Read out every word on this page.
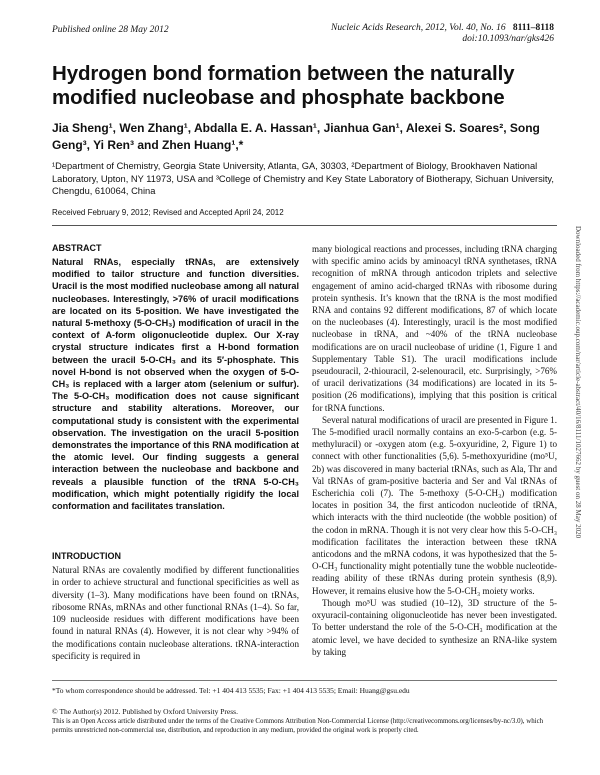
Published online 28 May 2012	Nucleic Acids Research, 2012, Vol. 40, No. 16 8111–8118
doi:10.1093/nar/gks426
Hydrogen bond formation between the naturally modified nucleobase and phosphate backbone
Jia Sheng¹, Wen Zhang¹, Abdalla E. A. Hassan¹, Jianhua Gan¹, Alexei S. Soares², Song Geng³, Yi Ren³ and Zhen Huang¹,*
¹Department of Chemistry, Georgia State University, Atlanta, GA, 30303, ²Department of Biology, Brookhaven National Laboratory, Upton, NY 11973, USA and ³College of Chemistry and Key State Laboratory of Biotherapy, Sichuan University, Chengdu, 610064, China
Received February 9, 2012; Revised and Accepted April 24, 2012
ABSTRACT

Natural RNAs, especially tRNAs, are extensively modified to tailor structure and function diversities. Uracil is the most modified nucleobase among all natural nucleobases. Interestingly, >76% of uracil modifications are located on its 5-position. We have investigated the natural 5-methoxy (5-O-CH₃) modification of uracil in the context of A-form oligonucleotide duplex. Our X-ray crystal structure indicates first a H-bond formation between the uracil 5-O-CH₃ and its 5′-phosphate. This novel H-bond is not observed when the oxygen of 5-O-CH₃ is replaced with a larger atom (selenium or sulfur). The 5-O-CH₃ modification does not cause significant structure and stability alterations. Moreover, our computational study is consistent with the experimental observation. The investigation on the uracil 5-position demonstrates the importance of this RNA modification at the atomic level. Our finding suggests a general interaction between the nucleobase and backbone and reveals a plausible function of the tRNA 5-O-CH₃ modification, which might potentially rigidify the local conformation and facilitates translation.

INTRODUCTION

Natural RNAs are covalently modified by different functionalities in order to achieve structural and functional specificities as well as diversity (1–3). Many modifications have been found on tRNAs, ribosome RNAs, mRNAs and other functional RNAs (1–4). So far, 109 nucleoside residues with different modifications have been found in natural RNAs (4). However, it is not clear why >94% of the modifications contain nucleobase alterations. tRNA-interaction specificity is required in

many biological reactions and processes, including tRNA charging with specific amino acids by aminoacyl tRNA synthetases, tRNA recognition of mRNA through anticodon triplets and selective engagement of amino acid-charged tRNAs with ribosome during protein synthesis. It’s known that the tRNA is the most modified RNA and contains 92 different modifications, 87 of which locate on the nucleobases (4). Interestingly, uracil is the most modified nucleobase in tRNA, and ~40% of the tRNA nucleobase modifications are on uracil nucleobase of uridine (1, Figure 1 and Supplementary Table S1). The uracil modifications include pseudouracil, 2-thiouracil, 2-selenouracil, etc. Surprisingly, >76% of uracil derivatizations (34 modifications) are located in its 5-position (26 modifications), implying that this position is critical for tRNA functions.

Several natural modifications of uracil are presented in Figure 1. The 5-modified uracil normally contains an exo-5-carbon (e.g. 5-methyluracil) or -oxygen atom (e.g. 5-oxyuridine, 2, Figure 1) to connect with other functionalities (5,6). 5-methoxyuridine (mo⁵U, 2b) was discovered in many bacterial tRNAs, such as Ala, Thr and Val tRNAs of gram-positive bacteria and Ser and Val tRNAs of Escherichia coli (7). The 5-methoxy (5-O-CH₃) modification locates in position 34, the first anticodon nucleotide of tRNA, which interacts with the third nucleotide (the wobble position) of the codon in mRNA. Though it is not very clear how this 5-O-CH₃ modification facilitates the interaction between these tRNA anticodons and the mRNA codons, it was hypothesized that the 5-O-CH₃ functionality might potentially tune the wobble nucleotide-reading ability of these tRNAs during protein synthesis (8,9). However, it remains elusive how the 5-O-CH₃ moiety works.

Though mo⁵U was studied (10–12), 3D structure of the 5-oxyuracil-containing oligonucleotide has never been investigated. To better understand the role of the 5-O-CH₃ modification at the atomic level, we have decided to synthesize an RNA-like system by taking

*To whom correspondence should be addressed. Tel: +1 404 413 5535; Fax: +1 404 413 5535; Email: Huang@gsu.edu
© The Author(s) 2012. Published by Oxford University Press.
This is an Open Access article distributed under the terms of the Creative Commons Attribution Non-Commercial License (http://creativecommons.org/licenses/by-nc/3.0), which permits unrestricted non-commercial use, distribution, and reproduction in any medium, provided the original work is properly cited.
Downloaded from https://academic.oup.com/nar/article-abstract/40/16/8111/1027662 by guest on 28 May 2020
